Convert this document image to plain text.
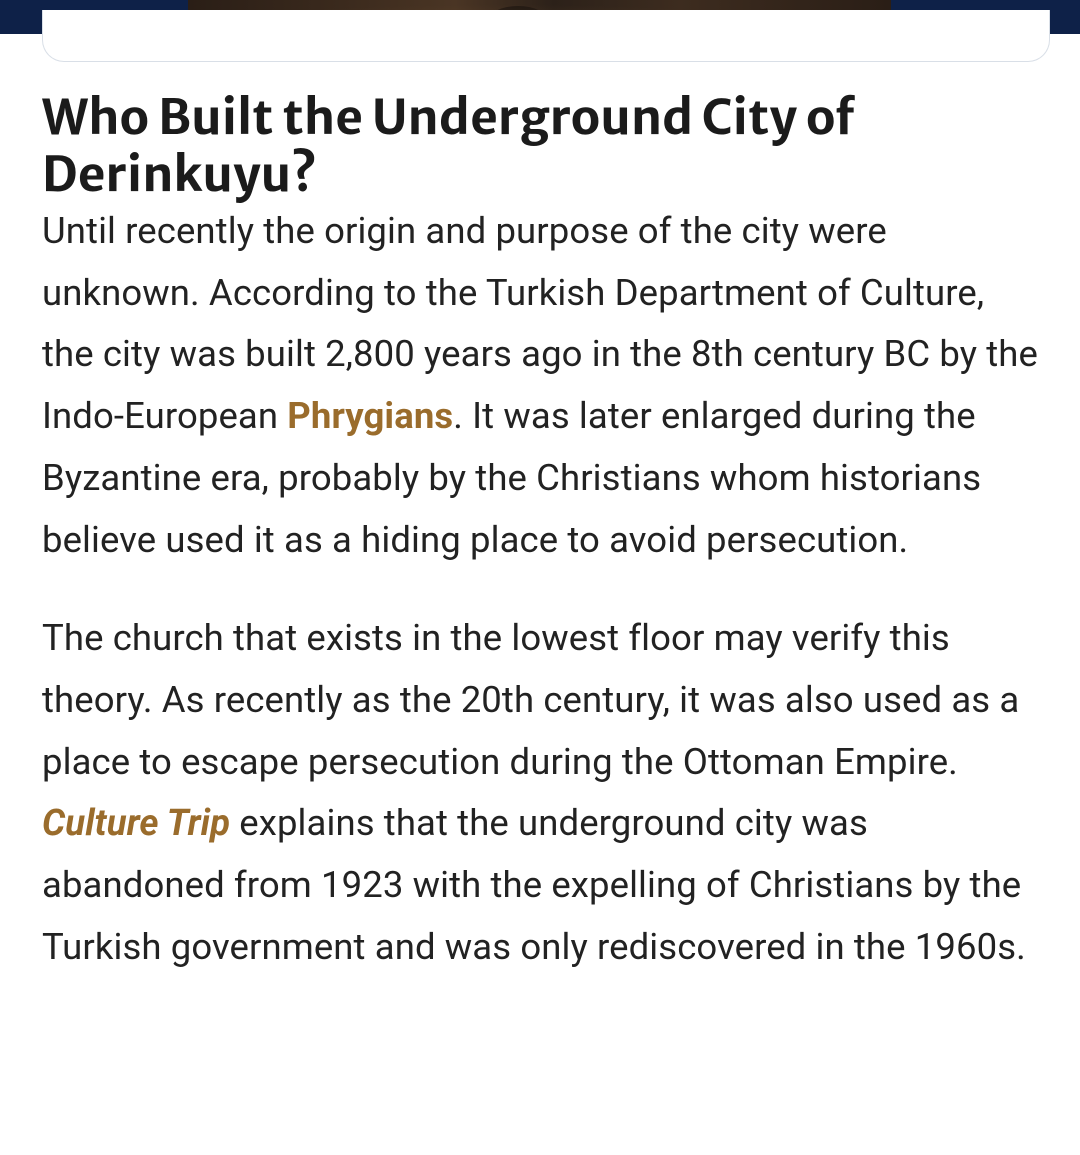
Who Built the Underground City of Derinkuyu?

Until recently the origin and purpose of the city were unknown. According to the Turkish Department of Culture, the city was built 2,800 years ago in the 8th century BC by the Indo-European Phrygians. It was later enlarged during the Byzantine era, probably by the Christians whom historians believe used it as a hiding place to avoid persecution.

The church that exists in the lowest floor may verify this theory. As recently as the 20th century, it was also used as a place to escape persecution during the Ottoman Empire. Culture Trip explains that the underground city was abandoned from 1923 with the expelling of Christians by the Turkish government and was only rediscovered in the 1960s.
